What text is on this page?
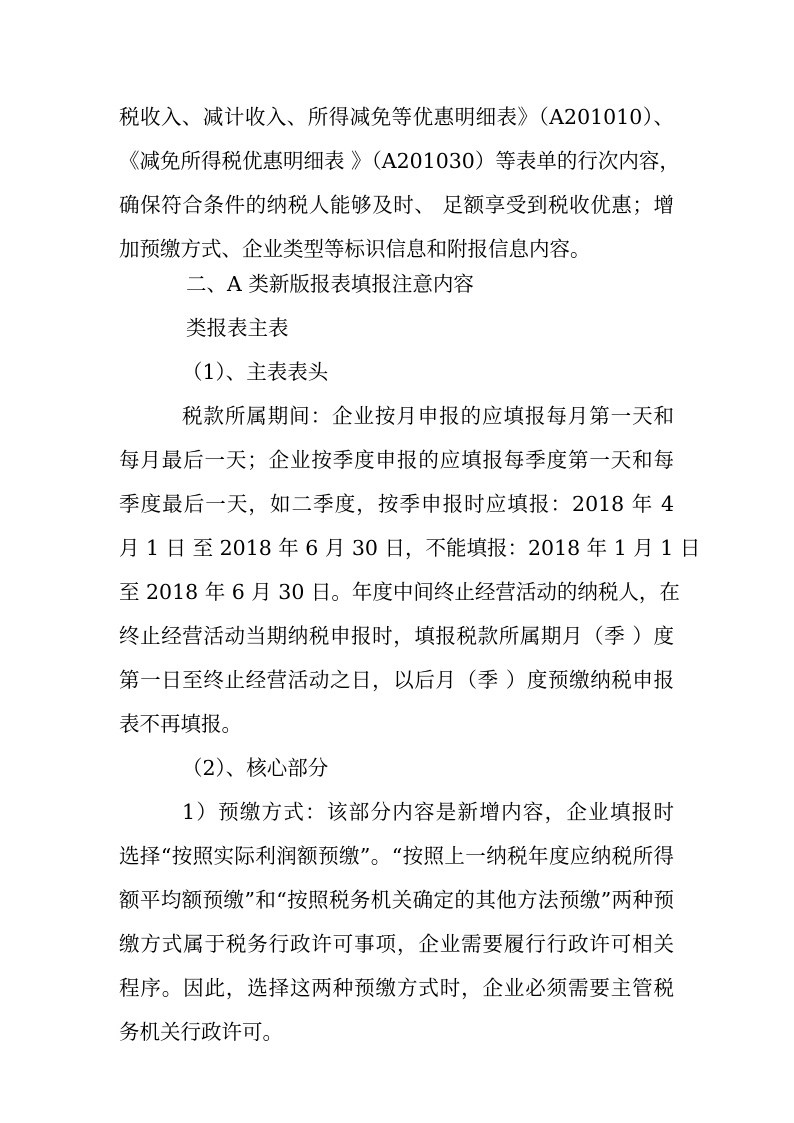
税收入、减计收入、所得减免等优惠明细表》（A201010）、
《减免所得税优惠明细表 》（A201030）等表单的行次内容，
确保符合条件的纳税人能够及时、 足额享受到税收优惠；增
加预缴方式、企业类型等标识信息和附报信息内容。
二、A 类新版报表填报注意内容
类报表主表
（1）、主表表头
税款所属期间：企业按月申报的应填报每月第一天和
每月最后一天；企业按季度申报的应填报每季度第一天和每
季度最后一天，如二季度，按季申报时应填报：2018 年 4
月 1 日 至 2018 年 6 月 30 日，不能填报：2018 年 1 月 1 日
至 2018 年 6 月 30 日。年度中间终止经营活动的纳税人，在
终止经营活动当期纳税申报时，填报税款所属期月（季 ）度
第一日至终止经营活动之日，以后月（季 ）度预缴纳税申报
表不再填报。
（2）、核心部分
1）预缴方式：该部分内容是新增内容，企业填报时
选择“按照实际利润额预缴”。“按照上一纳税年度应纳税所得
额平均额预缴”和“按照税务机关确定的其他方法预缴”两种预
缴方式属于税务行政许可事项，企业需要履行行政许可相关
程序。因此，选择这两种预缴方式时，企业必须需要主管税
务机关行政许可。
